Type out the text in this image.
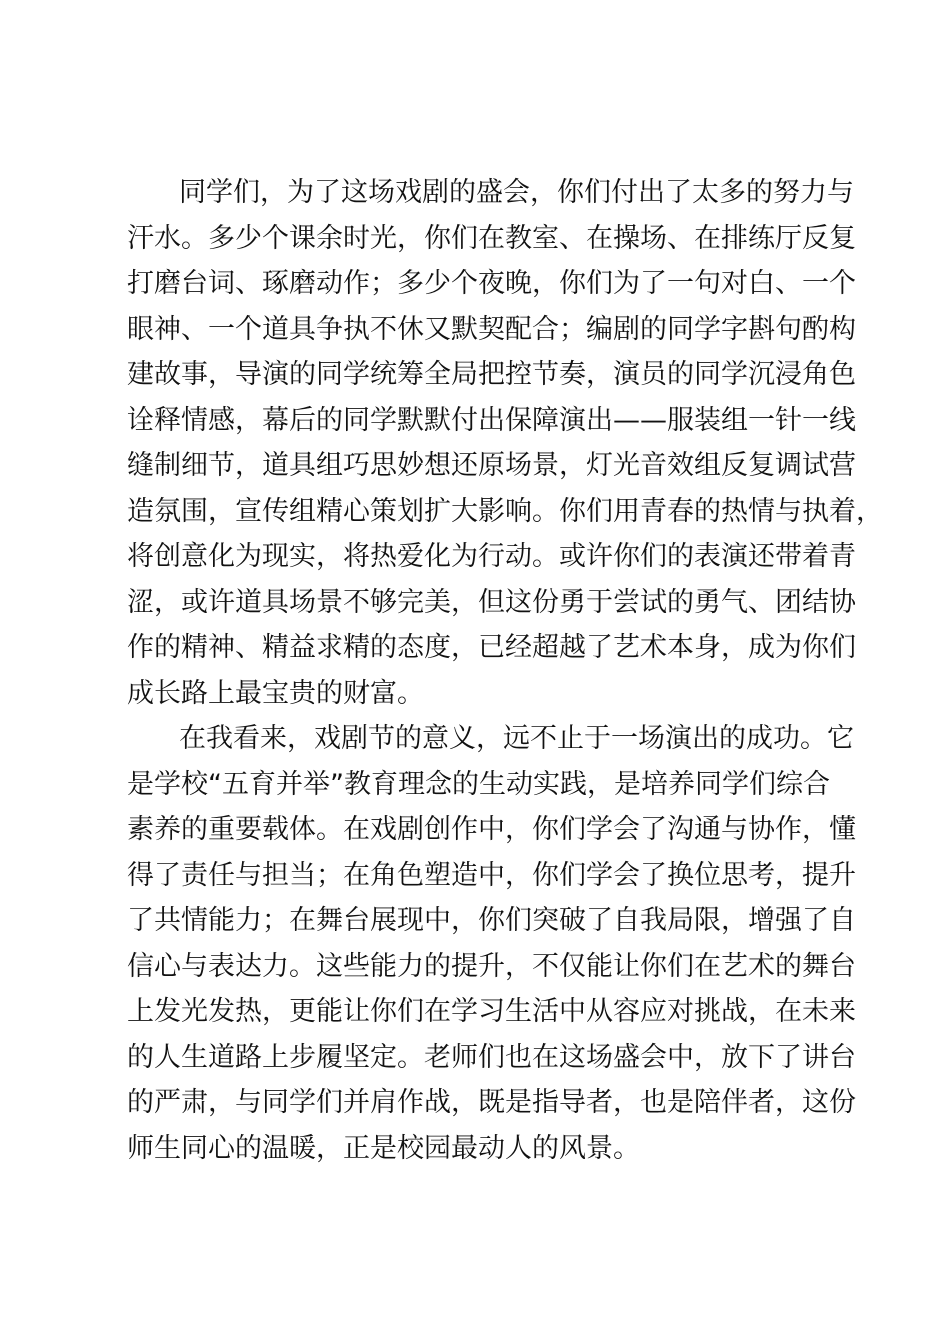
同学们，为了这场戏剧的盛会，你们付出了太多的努力与
汗水。多少个课余时光，你们在教室、在操场、在排练厅反复
打磨台词、琢磨动作；多少个夜晚，你们为了一句对白、一个
眼神、一个道具争执不休又默契配合；编剧的同学字斟句酌构
建故事，导演的同学统筹全局把控节奏，演员的同学沉浸角色
诠释情感，幕后的同学默默付出保障演出——服装组一针一线
缝制细节，道具组巧思妙想还原场景，灯光音效组反复调试营
造氛围，宣传组精心策划扩大影响。你们用青春的热情与执着，
将创意化为现实，将热爱化为行动。或许你们的表演还带着青
涩，或许道具场景不够完美，但这份勇于尝试的勇气、团结协
作的精神、精益求精的态度，已经超越了艺术本身，成为你们
成长路上最宝贵的财富。
在我看来，戏剧节的意义，远不止于一场演出的成功。它
是学校“五育并举”教育理念的生动实践，是培养同学们综合
素养的重要载体。在戏剧创作中，你们学会了沟通与协作，懂
得了责任与担当；在角色塑造中，你们学会了换位思考，提升
了共情能力；在舞台展现中，你们突破了自我局限，增强了自
信心与表达力。这些能力的提升，不仅能让你们在艺术的舞台
上发光发热，更能让你们在学习生活中从容应对挑战，在未来
的人生道路上步履坚定。老师们也在这场盛会中，放下了讲台
的严肃，与同学们并肩作战，既是指导者，也是陪伴者，这份
师生同心的温暖，正是校园最动人的风景。
